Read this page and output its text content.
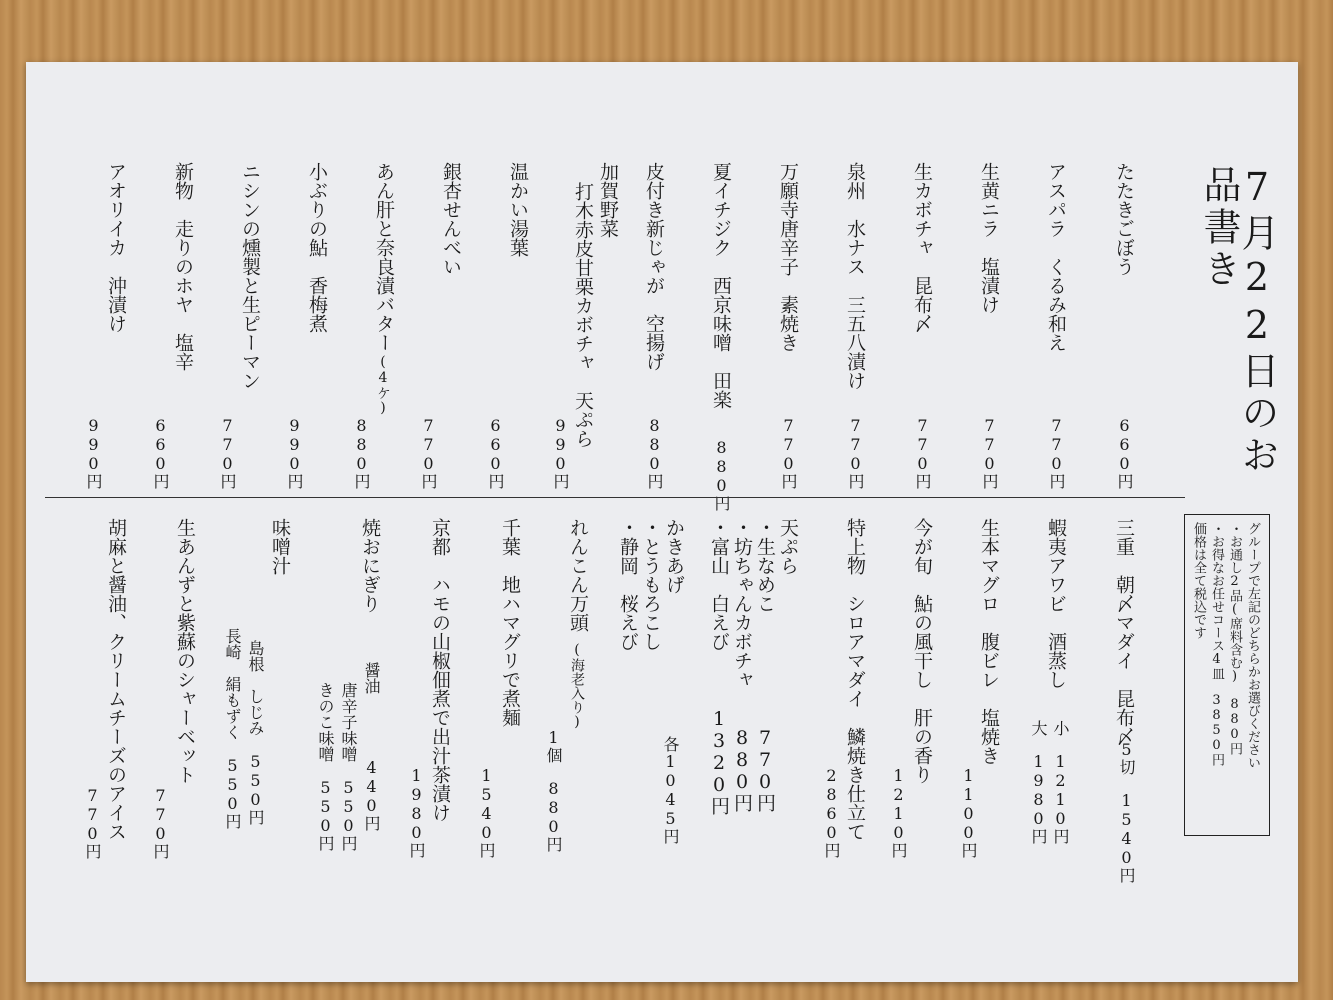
7月22日のお品書き
たたきごぼう
660円
アスパラ　くるみ和え
770円
生黄ニラ　塩漬け
770円
生カボチャ　昆布〆
770円
泉州　水ナス　三五八漬け
770円
万願寺唐辛子　素焼き
770円
夏イチジク　西京味噌　田楽
880円
皮付き新じゃが　空揚げ
880円
加賀野菜
打木赤皮甘栗カボチャ　天ぷら
990円
温かい湯葉
660円
銀杏せんべい
770円
あん肝と奈良漬バター
(4ケ)
880円
小ぶりの鮎　香梅煮
990円
ニシンの燻製と生ピーマン
770円
新物　走りのホヤ　塩辛
660円
アオリイカ　沖漬け
990円
グループで左記のどちらかお選びください
・お通し2品(席料含む)　880円
・お得なお任せコース4皿　3850円
価格は全て税込です
三重　朝〆マダイ　昆布〆
5切　1540円
蝦夷アワビ　酒蒸し
小　1210円
大　1980円
生本マグロ　腹ビレ　塩焼き
1100円
今が旬　鮎の風干し　肝の香り
1210円
特上物　シロアマダイ　鱗焼き仕立て
2860円
天ぷら
・生なめこ　　　　　　770円
・坊ちゃんカボチャ　　880円
・富山　白えび　　　1320円
かきあげ
・とうもろこし
・静岡　桜えび
各1045円
れんこん万頭
(海老入り)
1個　880円
千葉　地ハマグリで煮麺
1540円
京都　ハモの山椒佃煮で出汁茶漬け
1980円
焼おにぎり
醤油　　　　440円
唐辛子味噌　550円
きのこ味噌　550円
味噌汁
島根　しじみ　550円
長崎　絹もずく　550円
生あんずと紫蘇のシャーベット
770円
胡麻と醤油、クリームチーズのアイス
770円
